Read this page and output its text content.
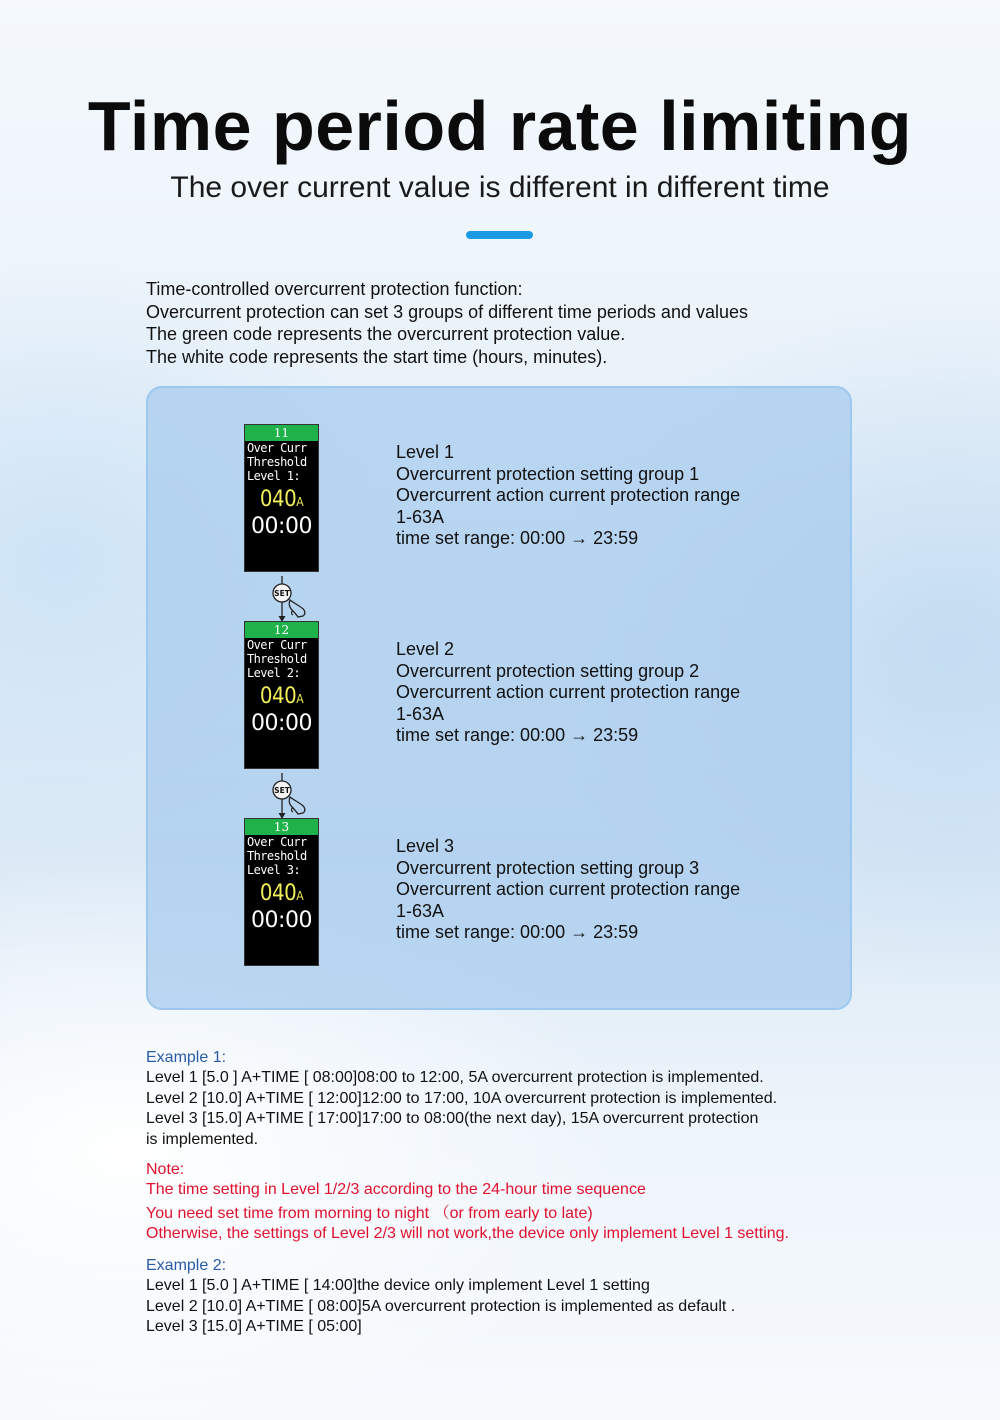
Time period rate limiting
The over current value is different in different time
Time-controlled overcurrent protection function:
Overcurrent protection can set 3 groups of different time periods and values
The green code represents the overcurrent protection value.
The white code represents the start time (hours, minutes).
11
Over Curr
Threshold
Level 1:
040A
00:00
SET
12
Over Curr
Threshold
Level 2:
040A
00:00
SET
13
Over Curr
Threshold
Level 3:
040A
00:00
Level 1
Overcurrent protection setting group 1
Overcurrent action current protection range
1-63A
time set range: 00:00 → 23:59
Level 2
Overcurrent protection setting group 2
Overcurrent action current protection range
1-63A
time set range: 00:00 → 23:59
Level 3
Overcurrent protection setting group 3
Overcurrent action current protection range
1-63A
time set range: 00:00 → 23:59
Example 1:
Level 1 [5.0 ] A+TIME [ 08:00]08:00 to 12:00, 5A overcurrent protection is implemented.
Level 2 [10.0] A+TIME [ 12:00]12:00 to 17:00, 10A overcurrent protection is implemented.
Level 3 [15.0] A+TIME [ 17:00]17:00 to 08:00(the next day), 15A overcurrent protection
is implemented.
Note:
The time setting in Level 1/2/3 according to the 24-hour time sequence
You need set time from morning to night （or from early to late)
Otherwise, the settings of Level 2/3 will not work,the device only implement Level 1 setting.
Example 2:
Level 1 [5.0 ] A+TIME [ 14:00]the device only implement Level 1 setting
Level 2 [10.0] A+TIME [ 08:00]5A overcurrent protection is implemented as default .
Level 3 [15.0] A+TIME [ 05:00]
